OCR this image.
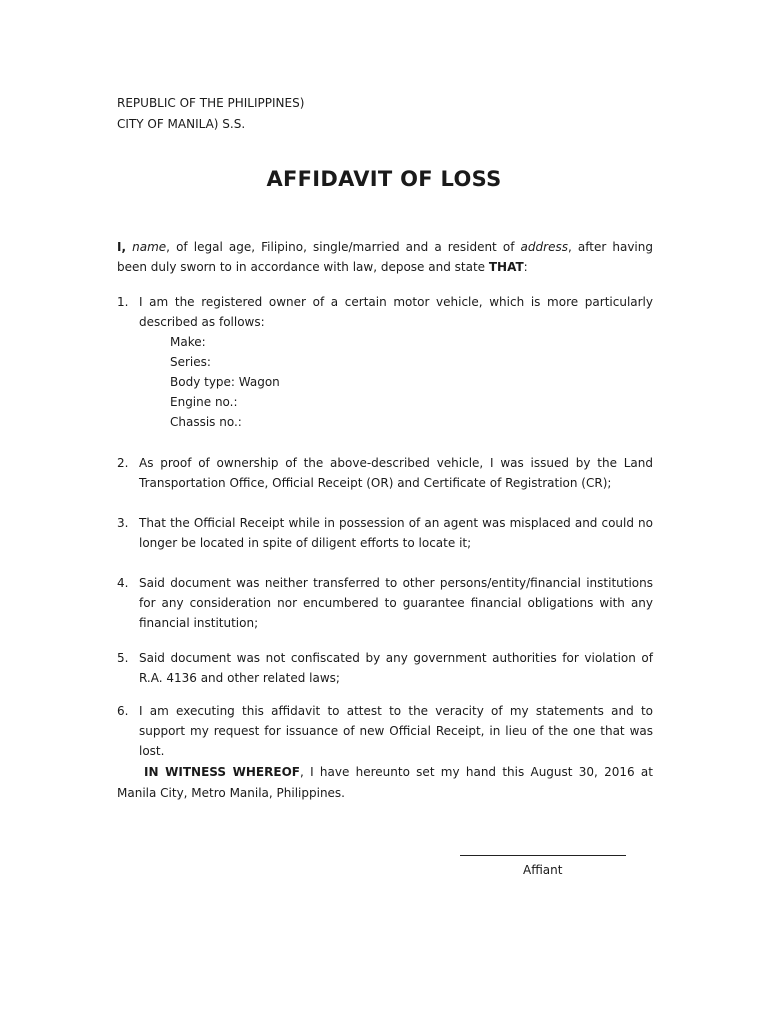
REPUBLIC OF THE PHILIPPINES)
CITY OF MANILA) S.S.
AFFIDAVIT OF LOSS
I, name, of legal age, Filipino, single/married and a resident of address, after having been duly sworn to in accordance with law, depose and state THAT:
1. I am the registered owner of a certain motor vehicle, which is more particularly described as follows:
Make:
Series:
Body type: Wagon
Engine no.:
Chassis no.:
2. As proof of ownership of the above-described vehicle, I was issued by the Land Transportation Office, Official Receipt (OR) and Certificate of Registration (CR);
3. That the Official Receipt while in possession of an agent was misplaced and could no longer be located in spite of diligent efforts to locate it;
4. Said document was neither transferred to other persons/entity/financial institutions for any consideration nor encumbered to guarantee financial obligations with any financial institution;
5. Said document was not confiscated by any government authorities for violation of R.A. 4136 and other related laws;
6. I am executing this affidavit to attest to the veracity of my statements and to support my request for issuance of new Official Receipt, in lieu of the one that was lost.
IN WITNESS WHEREOF, I have hereunto set my hand this August 30, 2016 at Manila City, Metro Manila, Philippines.
Affiant
